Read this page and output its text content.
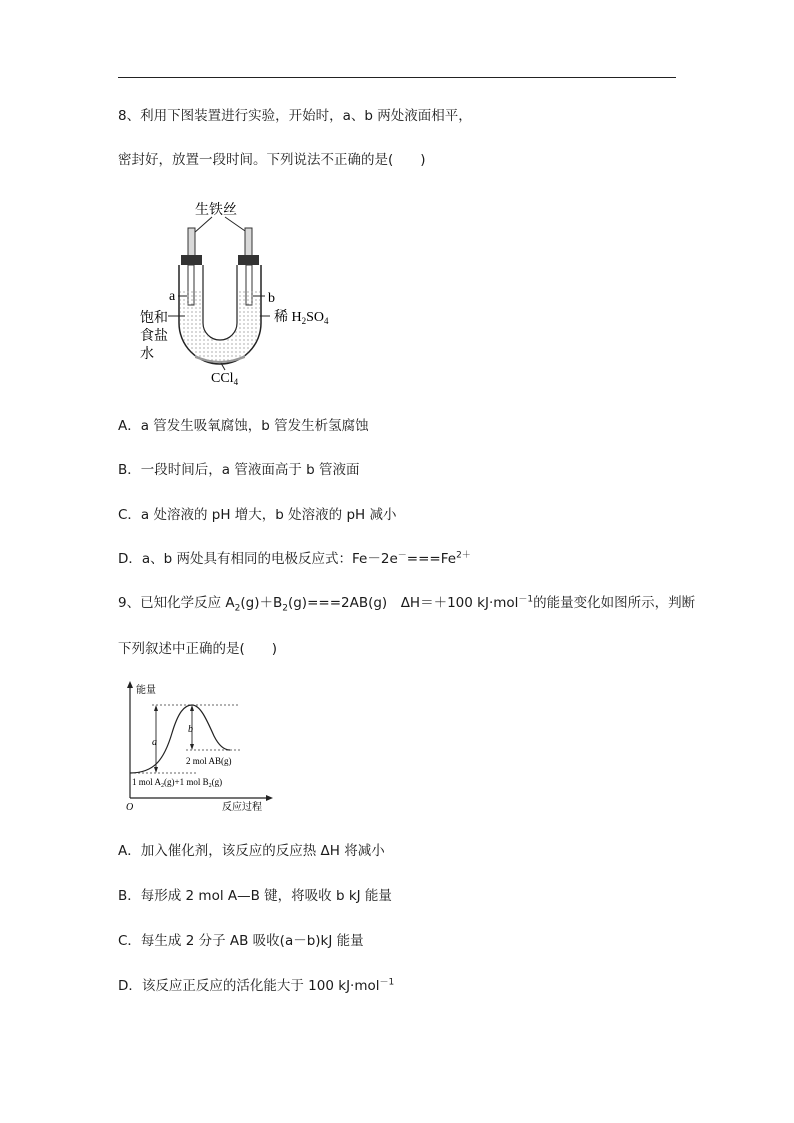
8、利用下图装置进行实验，开始时，a、b 两处液面相平，
密封好，放置一段时间。下列说法不正确的是(　　)
生铁丝
a	b
饱和
食盐
水
稀 $H_2SO_4$
CCl$_4$
A．a 管发生吸氧腐蚀，b 管发生析氢腐蚀
B．一段时间后，a 管液面高于 b 管液面
C．a 处溶液的 pH 增大，b 处溶液的 pH 减小
D．a、b 两处具有相同的电极反应式：$Fe-2e^-===Fe^{2+}$
9、已知化学反应 $A_2(g)+B_2(g)===2AB(g)$　ΔH＝＋100 kJ·mol$^{-1}$的能量变化如图所示，判断
下列叙述中正确的是(　　)
能量
反应过程
O
a
b
2 mol AB(g)
1 mol $A_2(g)+1$ mol $B_2(g)$
A．加入催化剂，该反应的反应热 ΔH 将减小
B．每形成 2 mol A—B 键，将吸收 b kJ 能量
C．每生成 2 分子 AB 吸收(a－b)kJ 能量
D．该反应正反应的活化能大于 100 kJ·mol$^{-1}$
